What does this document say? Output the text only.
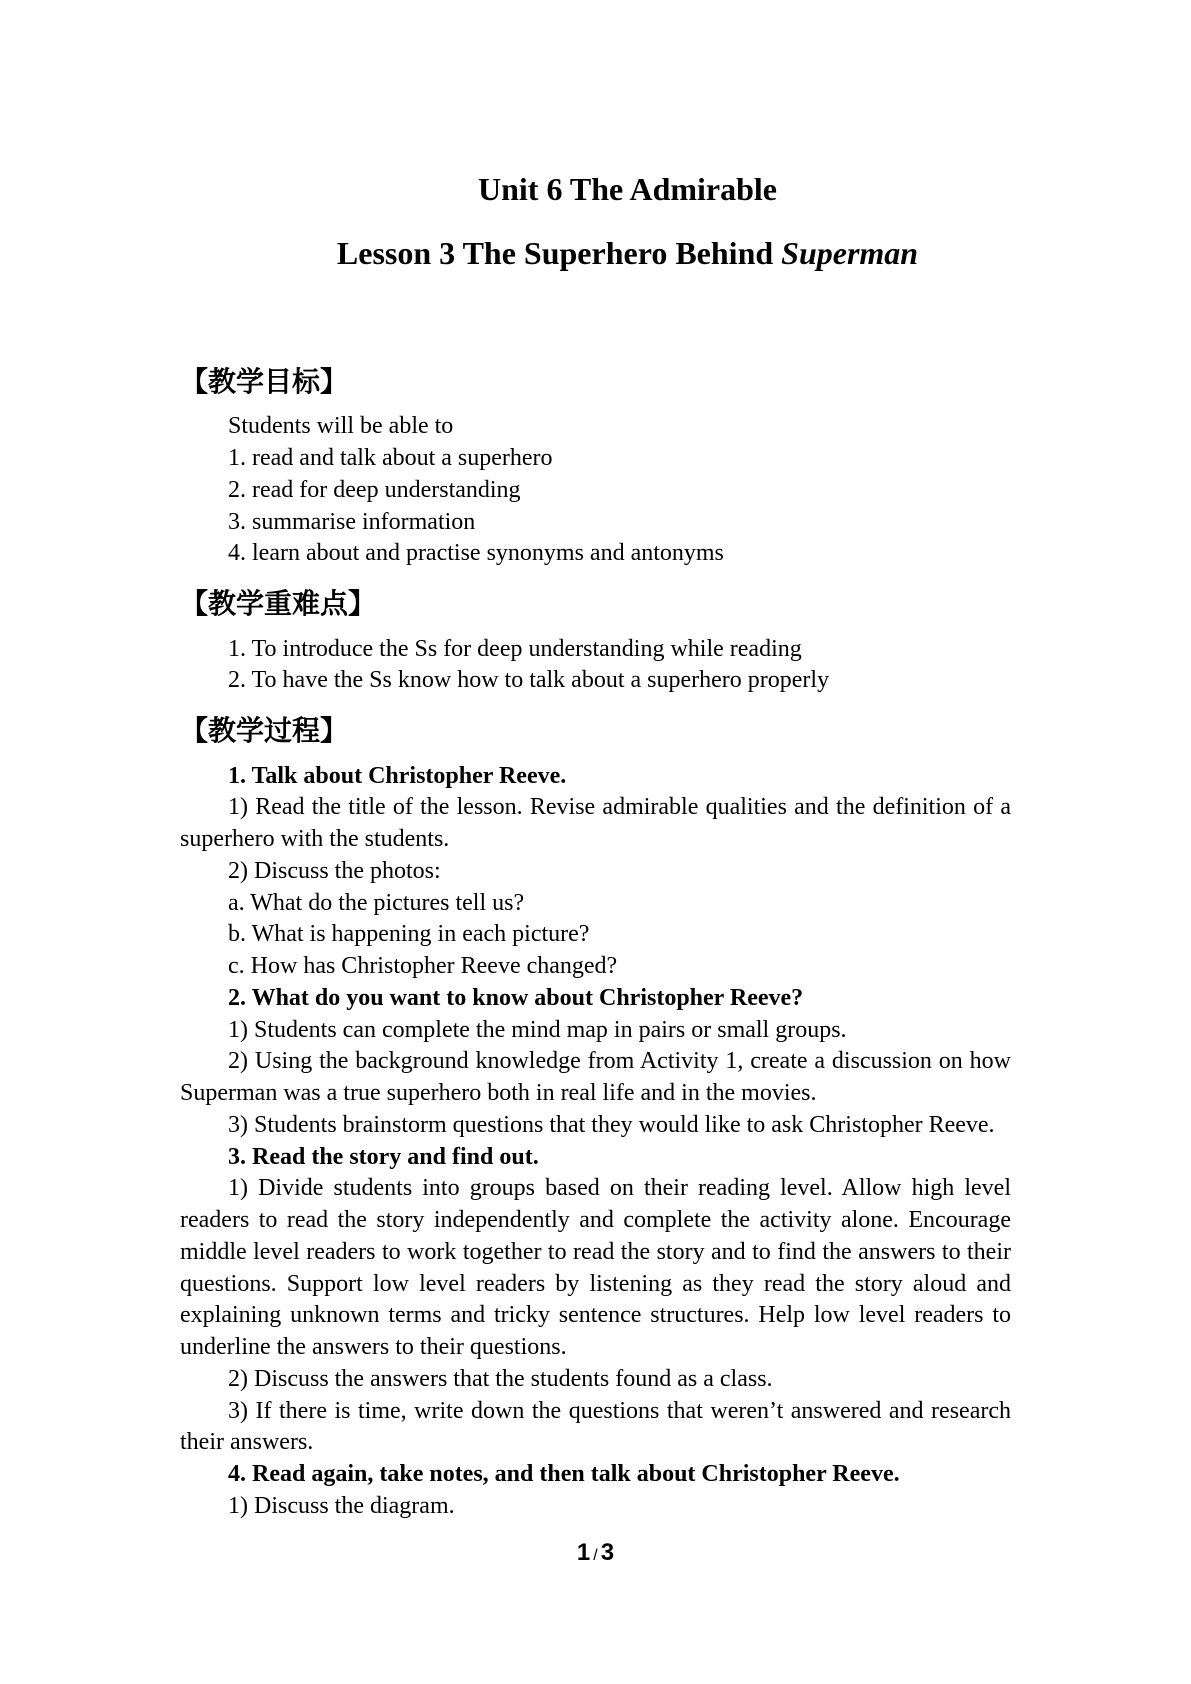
Unit 6 The Admirable
Lesson 3 The Superhero Behind Superman
【教学目标】

Students will be able to

1. read and talk about a superhero

2. read for deep understanding

3. summarise information

4. learn about and practise synonyms and antonyms

【教学重难点】

1. To introduce the Ss for deep understanding while reading

2. To have the Ss know how to talk about a superhero properly

【教学过程】

1. Talk about Christopher Reeve.

1) Read the title of the lesson. Revise admirable qualities and the definition of a superhero with the students.

2) Discuss the photos:

a. What do the pictures tell us?

b. What is happening in each picture?

c. How has Christopher Reeve changed?

2. What do you want to know about Christopher Reeve?

1) Students can complete the mind map in pairs or small groups.

2) Using the background knowledge from Activity 1, create a discussion on how Superman was a true superhero both in real life and in the movies.

3) Students brainstorm questions that they would like to ask Christopher Reeve.

3. Read the story and find out.

1) Divide students into groups based on their reading level. Allow high level readers to read the story independently and complete the activity alone. Encourage middle level readers to work together to read the story and to find the answers to their questions. Support low level readers by listening as they read the story aloud and explaining unknown terms and tricky sentence structures. Help low level readers to underline the answers to their questions.

2) Discuss the answers that the students found as a class.

3) If there is time, write down the questions that weren’t answered and research their answers.

4. Read again, take notes, and then talk about Christopher Reeve.

1) Discuss the diagram.

1 / 3
